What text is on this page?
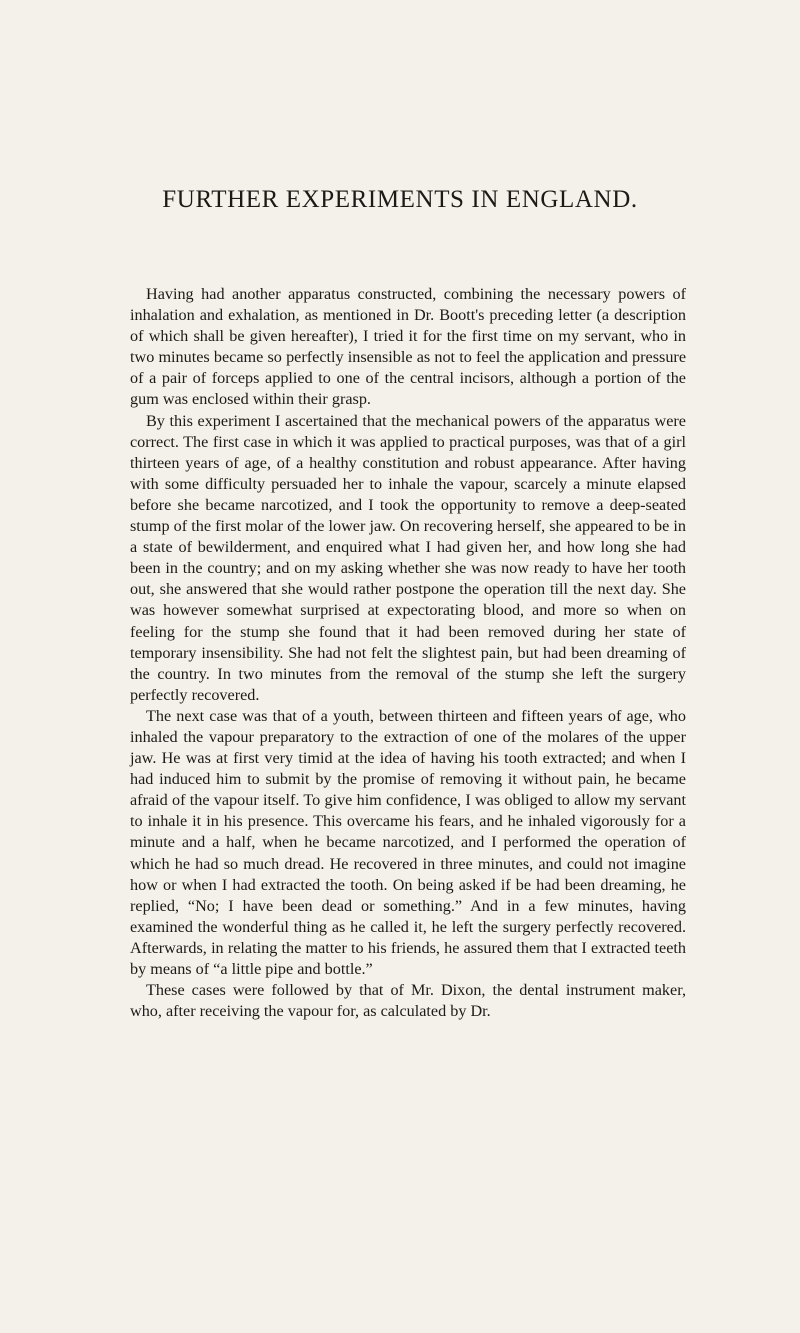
FURTHER EXPERIMENTS IN ENGLAND.

Having had another apparatus constructed, combining the necessary powers of inhalation and exhalation, as mentioned in Dr. Boott's preceding letter (a description of which shall be given hereafter), I tried it for the first time on my servant, who in two minutes became so perfectly insensible as not to feel the application and pressure of a pair of forceps applied to one of the central incisors, although a portion of the gum was enclosed within their grasp.

By this experiment I ascertained that the mechanical powers of the apparatus were correct. The first case in which it was applied to practical purposes, was that of a girl thirteen years of age, of a healthy constitution and robust appearance. After having with some difficulty persuaded her to inhale the vapour, scarcely a minute elapsed before she became narcotized, and I took the opportunity to remove a deep-seated stump of the first molar of the lower jaw. On recovering herself, she appeared to be in a state of bewilderment, and enquired what I had given her, and how long she had been in the country; and on my asking whether she was now ready to have her tooth out, she answered that she would rather postpone the operation till the next day. She was however somewhat surprised at expectorating blood, and more so when on feeling for the stump she found that it had been removed during her state of temporary insensibility. She had not felt the slightest pain, but had been dreaming of the country. In two minutes from the removal of the stump she left the surgery perfectly recovered.

The next case was that of a youth, between thirteen and fifteen years of age, who inhaled the vapour preparatory to the extraction of one of the molares of the upper jaw. He was at first very timid at the idea of having his tooth extracted; and when I had induced him to submit by the promise of removing it without pain, he became afraid of the vapour itself. To give him confidence, I was obliged to allow my servant to inhale it in his presence. This overcame his fears, and he inhaled vigorously for a minute and a half, when he became narcotized, and I performed the operation of which he had so much dread. He recovered in three minutes, and could not imagine how or when I had extracted the tooth. On being asked if be had been dreaming, he replied, “No; I have been dead or something.” And in a few minutes, having examined the wonderful thing as he called it, he left the surgery perfectly recovered. Afterwards, in relating the matter to his friends, he assured them that I extracted teeth by means of “a little pipe and bottle.”

These cases were followed by that of Mr. Dixon, the dental instrument maker, who, after receiving the vapour for, as calculated by Dr.
